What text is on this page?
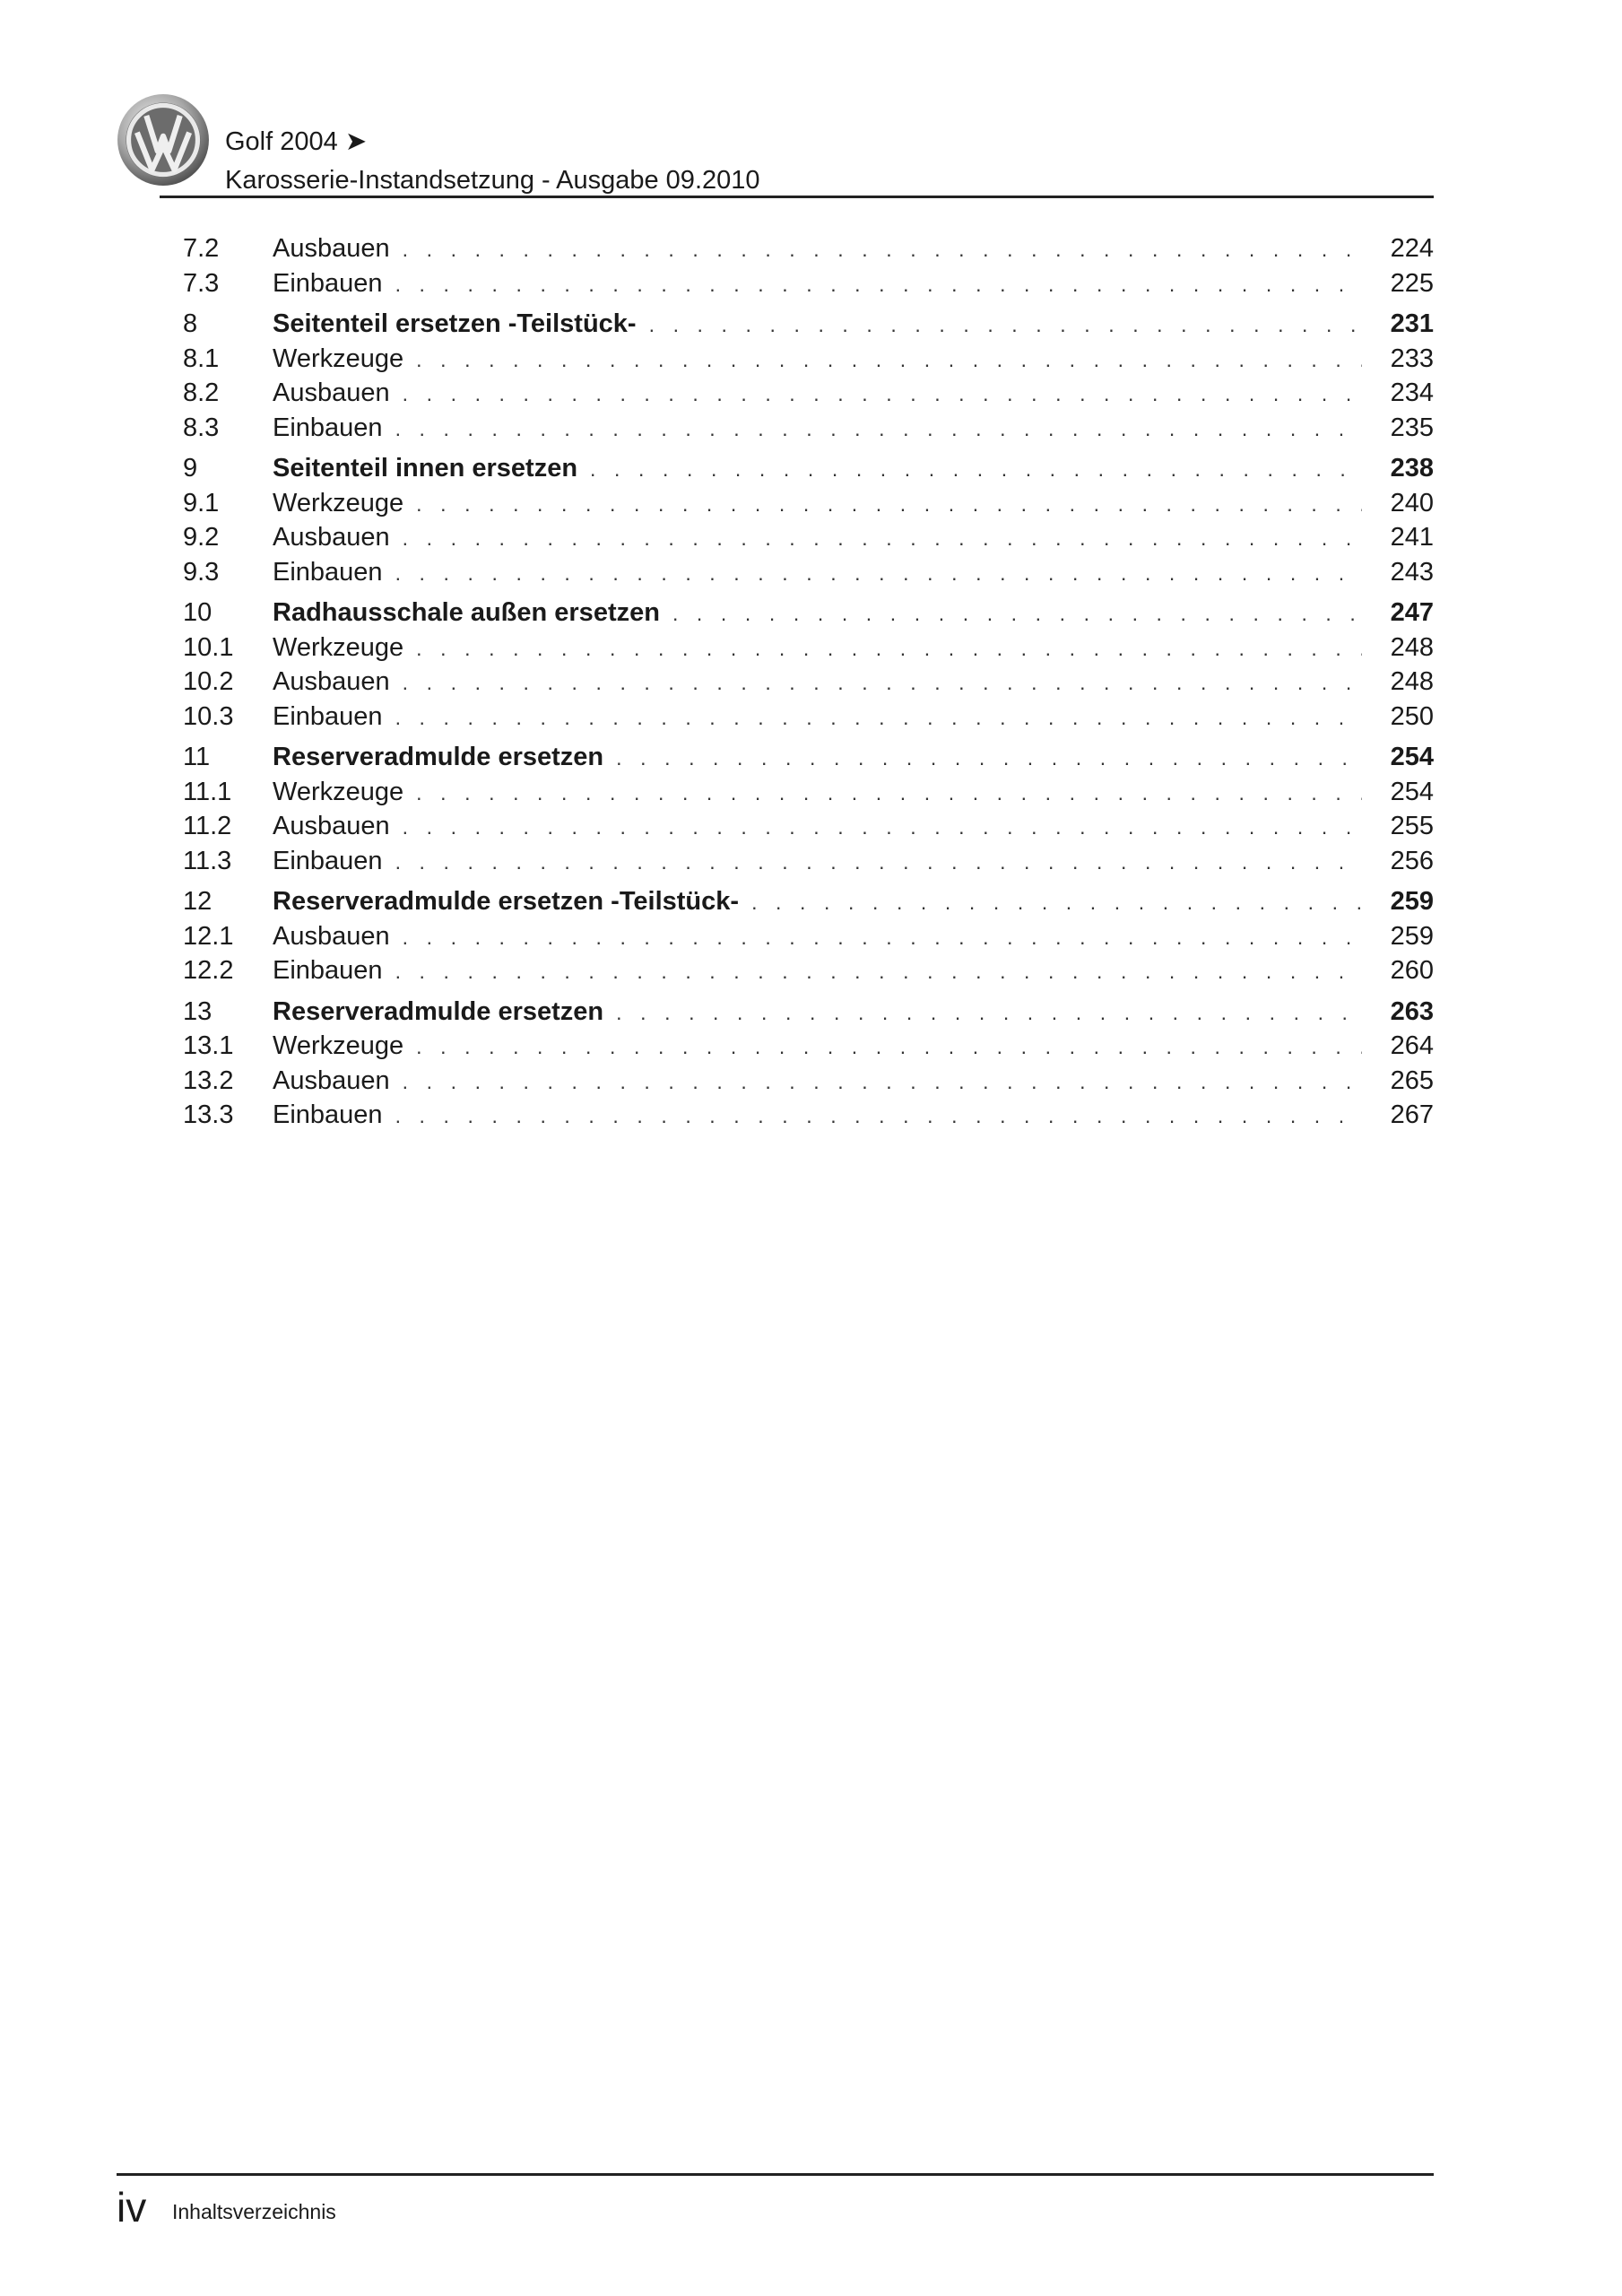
Golf 2004 ➤
Karosserie-Instandsetzung - Ausgabe 09.2010
7.2	Ausbauen . . .	224
7.3	Einbauen . . .	225
8	Seitenteil ersetzen -Teilstück- . . .	231
8.1	Werkzeuge . . .	233
8.2	Ausbauen . . .	234
8.3	Einbauen . . .	235
9	Seitenteil innen ersetzen . . .	238
9.1	Werkzeuge . . .	240
9.2	Ausbauen . . .	241
9.3	Einbauen . . .	243
10	Radhausschale außen ersetzen . . .	247
10.1	Werkzeuge . . .	248
10.2	Ausbauen . . .	248
10.3	Einbauen . . .	250
11	Reserveradmulde ersetzen . . .	254
11.1	Werkzeuge . . .	254
11.2	Ausbauen . . .	255
11.3	Einbauen . . .	256
12	Reserveradmulde ersetzen -Teilstück- . . .	259
12.1	Ausbauen . . .	259
12.2	Einbauen . . .	260
13	Reserveradmulde ersetzen . . .	263
13.1	Werkzeuge . . .	264
13.2	Ausbauen . . .	265
13.3	Einbauen . . .	267
iv Inhaltsverzeichnis
